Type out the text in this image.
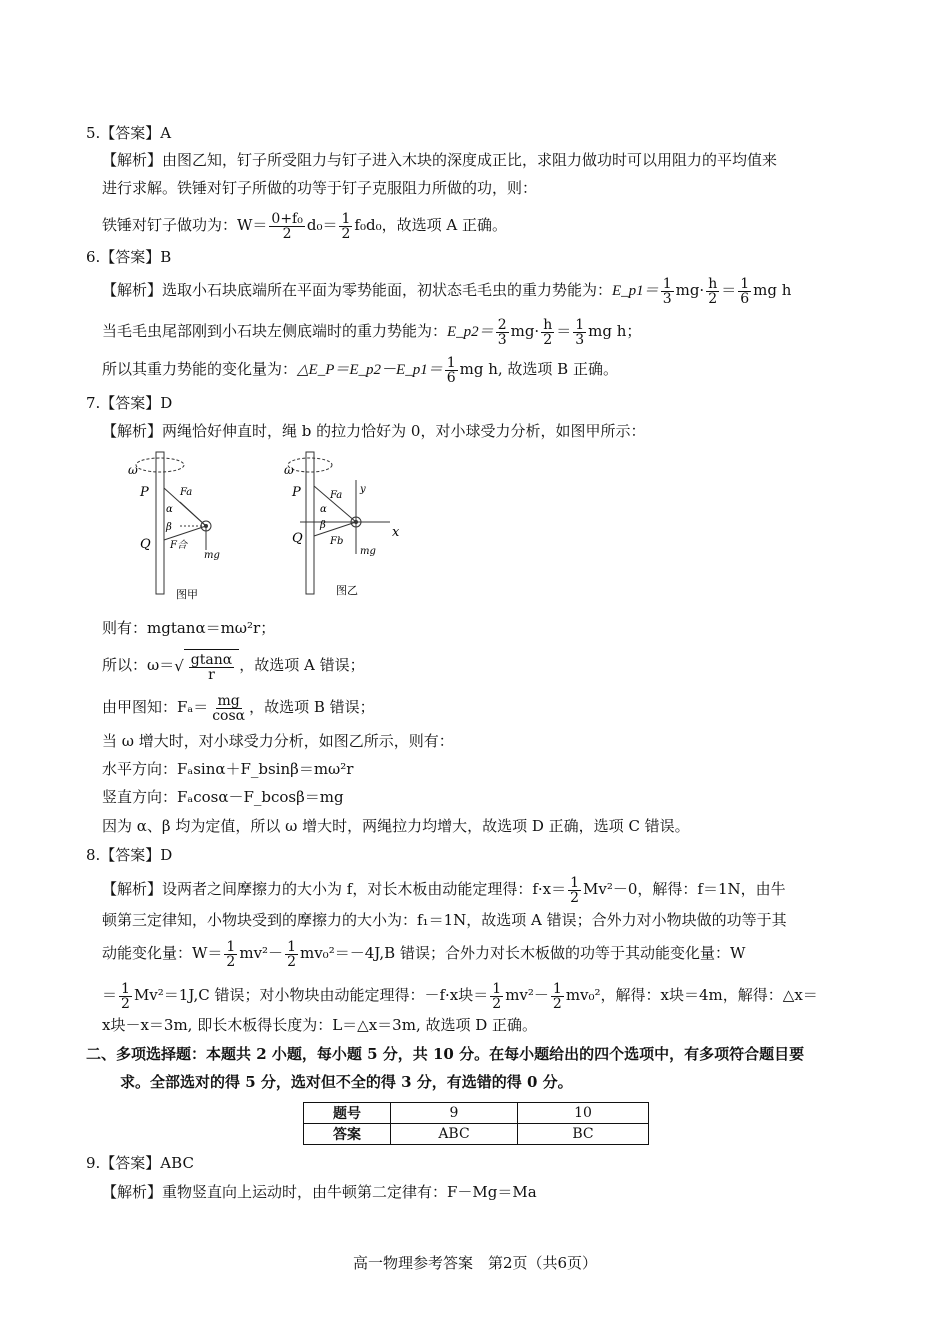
5.【答案】A
【解析】由图乙知，钉子所受阻力与钉子进入木块的深度成正比，求阻力做功时可以用阻力的平均值来
进行求解。铁锤对钉子所做的功等于钉子克服阻力所做的功，则：
铁锤对钉子做功为：$W= \frac{\text{0+f₀}}{2} d_0= \frac{1}{2} f_0d_0$，故选项 A 正确。
6.【答案】B
【解析】选取小石块底端所在平面为零势能面，初状态毛毛虫的重力势能为：E_p1＝ $\frac{1}{3} mg\cdot \frac{h}{2} = \frac{1}{6}$ mg h
当毛毛虫尾部刚到小石块左侧底端时的重力势能为：E_p2＝ $\frac{2}{3} mg\cdot \frac{h}{2} = \frac{1}{3}$ mg h；
所以其重力势能的变化量为：△E_P＝E_p2－E_p1＝ $\frac{1}{6}$ mg h, 故选项 B 正确。
7.【答案】D
【解析】两绳恰好伸直时，绳 b 的拉力恰好为 0，对小球受力分析，如图甲所示：
ω
P
Q
Fa
α
β
F合
mg
图甲
ω
P
Q
Fa
y
α
β
Fb
x
mg
图乙
则有：mgtanα＝mω²r；
所以：ω＝ √ $\frac{gtan\alpha}{r}$ ，故选项 A 错误；
由甲图知：$F_a= \frac{mg}{\cos\alpha}$ ，故选项 B 错误；
当 ω 增大时，对小球受力分析，如图乙所示，则有：
水平方向：Fₐsinα＋F_bsinβ＝mω²r
竖直方向：Fₐcosα－F_bcosβ＝mg
因为 α、β 均为定值，所以 ω 增大时，两绳拉力均增大，故选项 D 正确，选项 C 错误。
8.【答案】D
【解析】设两者之间摩擦力的大小为 f，对长木板由动能定理得：$f\cdot x= \frac{1}{2} Mv^2-0$，解得：f＝1N，由牛
顿第三定律知，小物块受到的摩擦力的大小为：f₁＝1N，故选项 A 错误；合外力对小物块做的功等于其
动能变化量：$W= \frac{1}{2} mv^2- \frac{1}{2} mv_0^2=-4J,B$ 错误；合外力对长木板做的功等于其动能变化量：W
＝ $\frac{1}{2} Mv^2=1J,C$ 错误；对小物块由动能定理得：－f·x块＝ $\frac{1}{2} mv^2- \frac{1}{2} mv_0^2$，解得：x块＝4m，解得：△x＝
x块－x＝3m, 即长木板得长度为：L＝△x＝3m, 故选项 D 正确。
二、多项选择题：本题共 2 小题，每小题 5 分，共 10 分。在每小题给出的四个选项中，有多项符合题目要
求。全部选对的得 5 分，选对但不全的得 3 分，有选错的得 0 分。
题号	9	10
答案	ABC	BC
9.【答案】ABC
【解析】重物竖直向上运动时，由牛顿第二定律有：F－Mg＝Ma
高一物理参考答案　第2页（共6页）
